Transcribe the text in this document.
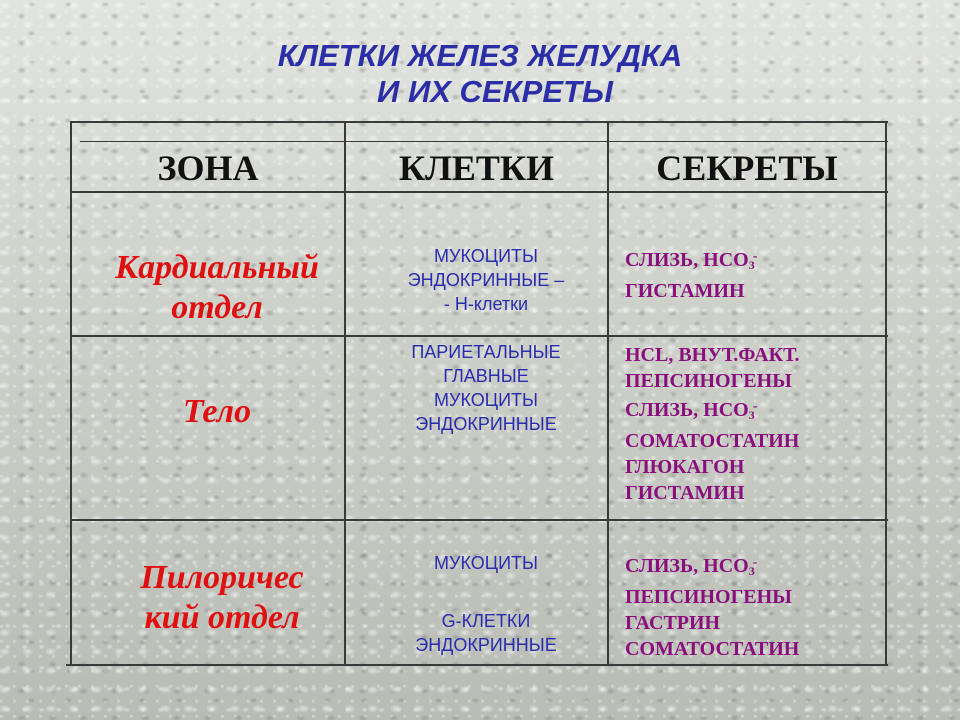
КЛЕТКИ ЖЕЛЕЗ ЖЕЛУДКА

И ИХ СЕКРЕТЫ
ЗОНА	КЛЕТКИ	СЕКРЕТЫ
Кардиальный
отдел
МУКОЦИТЫ
ЭНДОКРИННЫЕ –
- Н-клетки
СЛИЗЬ, $НСО_3^-$
ГИСТАМИН
Тело
ПАРИЕТАЛЬНЫЕ
ГЛАВНЫЕ
МУКОЦИТЫ
ЭНДОКРИННЫЕ
HCL, ВНУТ.ФАКТ.
ПЕПСИНОГЕНЫ
СЛИЗЬ, $НСО_3^-$
СОМАТОСТАТИН
ГЛЮКАГОН
ГИСТАМИН
Пилоричес
кий отдел
МУКОЦИТЫ
G-КЛЕТКИ
ЭНДОКРИННЫЕ
СЛИЗЬ, $НСО_3^-$
ПЕПСИНОГЕНЫ
ГАСТРИН
СОМАТОСТАТИН
